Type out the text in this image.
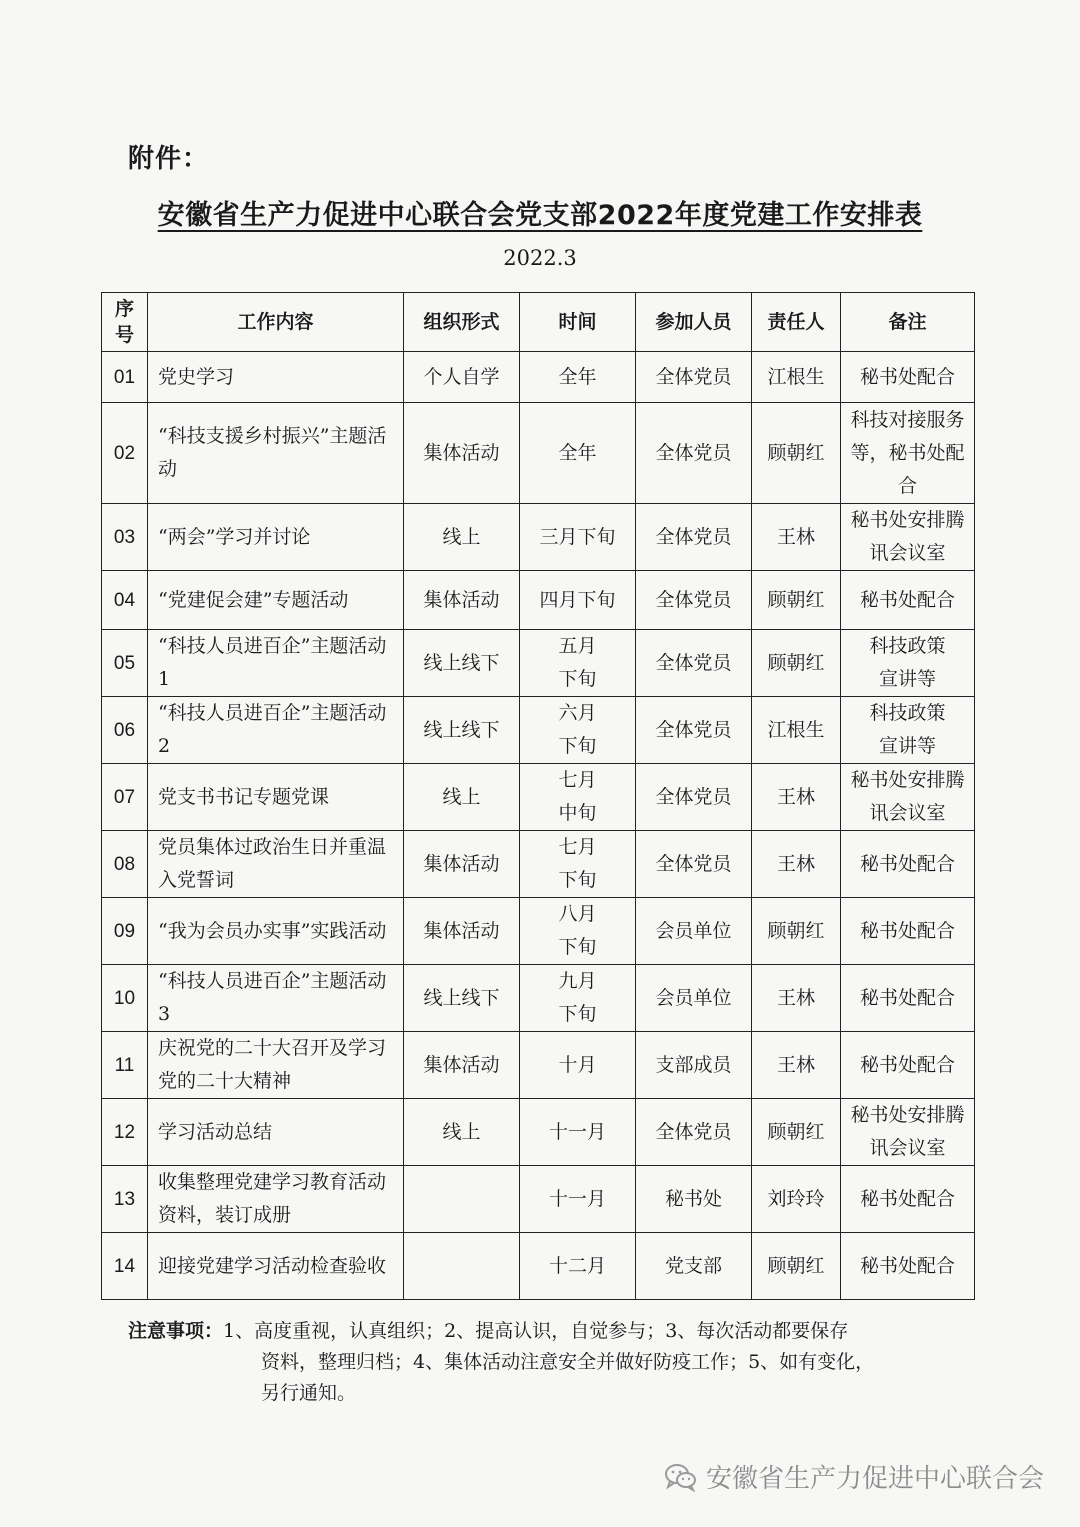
附件：
安徽省生产力促进中心联合会党支部2022年度党建工作安排表
2022.3
序号	工作内容	组织形式	时间	参加人员	责任人	备注
01	党史学习	个人自学	全年	全体党员	江根生	秘书处配合
02	“科技支援乡村振兴”主题活动	集体活动	全年	全体党员	顾朝红	科技对接服务等，秘书处配合
03	“两会”学习并讨论	线上	三月下旬	全体党员	王林	秘书处安排腾讯会议室
04	“党建促会建”专题活动	集体活动	四月下旬	全体党员	顾朝红	秘书处配合
05	“科技人员进百企”主题活动1	线上线下	五月下旬	全体党员	顾朝红	科技政策宣讲等
06	“科技人员进百企”主题活动2	线上线下	六月下旬	全体党员	江根生	科技政策宣讲等
07	党支书书记专题党课	线上	七月中旬	全体党员	王林	秘书处安排腾讯会议室
08	党员集体过政治生日并重温入党誓词	集体活动	七月下旬	全体党员	王林	秘书处配合
09	“我为会员办实事”实践活动	集体活动	八月下旬	会员单位	顾朝红	秘书处配合
10	“科技人员进百企”主题活动3	线上线下	九月下旬	会员单位	王林	秘书处配合
11	庆祝党的二十大召开及学习党的二十大精神	集体活动	十月	支部成员	王林	秘书处配合
12	学习活动总结	线上	十一月	全体党员	顾朝红	秘书处安排腾讯会议室
13	收集整理党建学习教育活动资料，装订成册		十一月	秘书处	刘玲玲	秘书处配合
14	迎接党建学习活动检查验收		十二月	党支部	顾朝红	秘书处配合
注意事项：1、高度重视，认真组织；2、提高认识，自觉参与；3、每次活动都要保存
资料，整理归档；4、集体活动注意安全并做好防疫工作；5、如有变化，
另行通知。
安徽省生产力促进中心联合会
